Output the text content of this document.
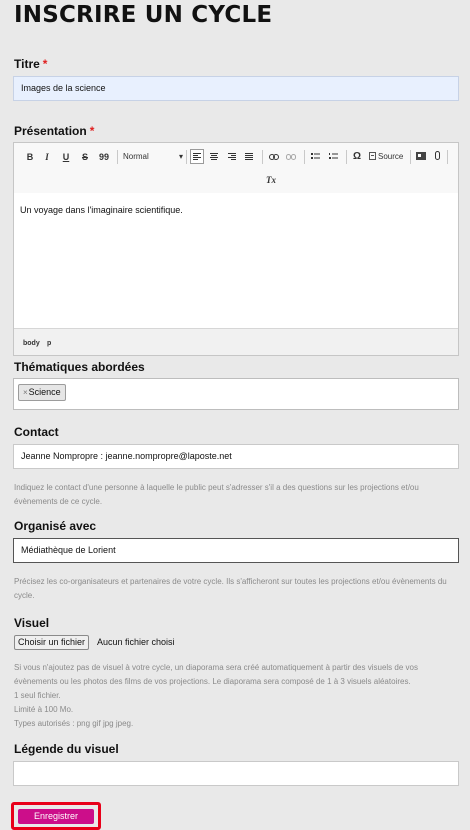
INSCRIRE UN CYCLE
Titre *
Images de la science
Présentation *
B	I	U	S	99	Normal	▾	Ω	Source
Tx
Un voyage dans l'imaginaire scientifique.
body p
Thématiques abordées
×Science
Contact
Jeanne Nompropre : jeanne.nompropre@laposte.net
Indiquez le contact d'une personne à laquelle le public peut s'adresser s'il a des questions sur les projections et/ou évènements de ce cycle.
Organisé avec
Médiathèque de Lorient
Précisez les co-organisateurs et partenaires de votre cycle. Ils s'afficheront sur toutes les projections et/ou évènements du cycle.
Visuel
Choisir un fichier	Aucun fichier choisi
Si vous n'ajoutez pas de visuel à votre cycle, un diaporama sera créé automatiquement à partir des visuels de vos évènements ou les photos des films de vos projections. Le diaporama sera composé de 1 à 3 visuels aléatoires.
1 seul fichier.
Limité à 100 Mo.
Types autorisés : png gif jpg jpeg.
Légende du visuel
Enregistrer
